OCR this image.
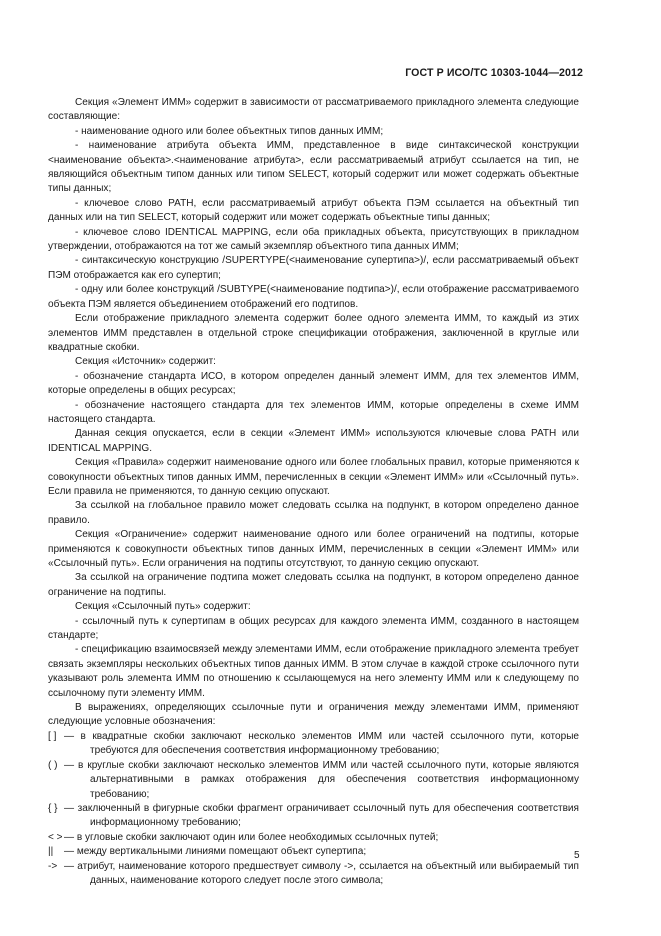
ГОСТ Р ИСО/ТС 10303-1044—2012

Секция «Элемент ИММ» содержит в зависимости от рассматриваемого прикладного элемента следующие составляющие:

- наименование одного или более объектных типов данных ИММ;

- наименование атрибута объекта ИММ, представленное в виде синтаксической конструкции <наименование объекта>.<наименование атрибута>, если рассматриваемый атрибут ссылается на тип, не являющийся объектным типом данных или типом SELECT, который содержит или может содержать объектные типы данных;

- ключевое слово PATH, если рассматриваемый атрибут объекта ПЭМ ссылается на объектный тип данных или на тип SELECT, который содержит или может содержать объектные типы данных;

- ключевое слово IDENTICAL MAPPING, если оба прикладных объекта, присутствующих в прикладном утверждении, отображаются на тот же самый экземпляр объектного типа данных ИММ;

- синтаксическую конструкцию /SUPERTYPE(<наименование супертипа>)/, если рассматриваемый объект ПЭМ отображается как его супертип;

- одну или более конструкций /SUBTYPE(<наименование подтипа>)/, если отображение рассматриваемого объекта ПЭМ является объединением отображений его подтипов.

Если отображение прикладного элемента содержит более одного элемента ИММ, то каждый из этих элементов ИММ представлен в отдельной строке спецификации отображения, заключенной в круглые или квадратные скобки.

Секция «Источник» содержит:

- обозначение стандарта ИСО, в котором определен данный элемент ИММ, для тех элементов ИММ, которые определены в общих ресурсах;

- обозначение настоящего стандарта для тех элементов ИММ, которые определены в схеме ИММ настоящего стандарта.

Данная секция опускается, если в секции «Элемент ИММ» используются ключевые слова PATH или IDENTICAL MAPPING.

Секция «Правила» содержит наименование одного или более глобальных правил, которые применяются к совокупности объектных типов данных ИММ, перечисленных в секции «Элемент ИММ» или «Ссылочный путь». Если правила не применяются, то данную секцию опускают.

За ссылкой на глобальное правило может следовать ссылка на подпункт, в котором определено данное правило.

Секция «Ограничение» содержит наименование одного или более ограничений на подтипы, которые применяются к совокупности объектных типов данных ИММ, перечисленных в секции «Элемент ИММ» или «Ссылочный путь». Если ограничения на подтипы отсутствуют, то данную секцию опускают.

За ссылкой на ограничение подтипа может следовать ссылка на подпункт, в котором определено данное ограничение на подтипы.

Секция «Ссылочный путь» содержит:

- ссылочный путь к супертипам в общих ресурсах для каждого элемента ИММ, созданного в настоящем стандарте;

- спецификацию взаимосвязей между элементами ИММ, если отображение прикладного элемента требует связать экземпляры нескольких объектных типов данных ИММ. В этом случае в каждой строке ссылочного пути указывают роль элемента ИММ по отношению к ссылающемуся на него элементу ИММ или к следующему по ссылочному пути элементу ИММ.

В выражениях, определяющих ссылочные пути и ограничения между элементами ИММ, применяют следующие условные обозначения:

[ ] — в квадратные скобки заключают несколько элементов ИММ или частей ссылочного пути, которые требуются для обеспечения соответствия информационному требованию;
( ) — в круглые скобки заключают несколько элементов ИММ или частей ссылочного пути, которые являются альтернативными в рамках отображения для обеспечения соответствия информационному требованию;
{ } — заключенный в фигурные скобки фрагмент ограничивает ссылочный путь для обеспечения соответствия информационному требованию;
< > — в угловые скобки заключают один или более необходимых ссылочных путей;
||	— между вертикальными линиями помещают объект супертипа;
-> — атрибут, наименование которого предшествует символу ->, ссылается на объектный или выбираемый тип данных, наименование которого следует после этого символа;
5
